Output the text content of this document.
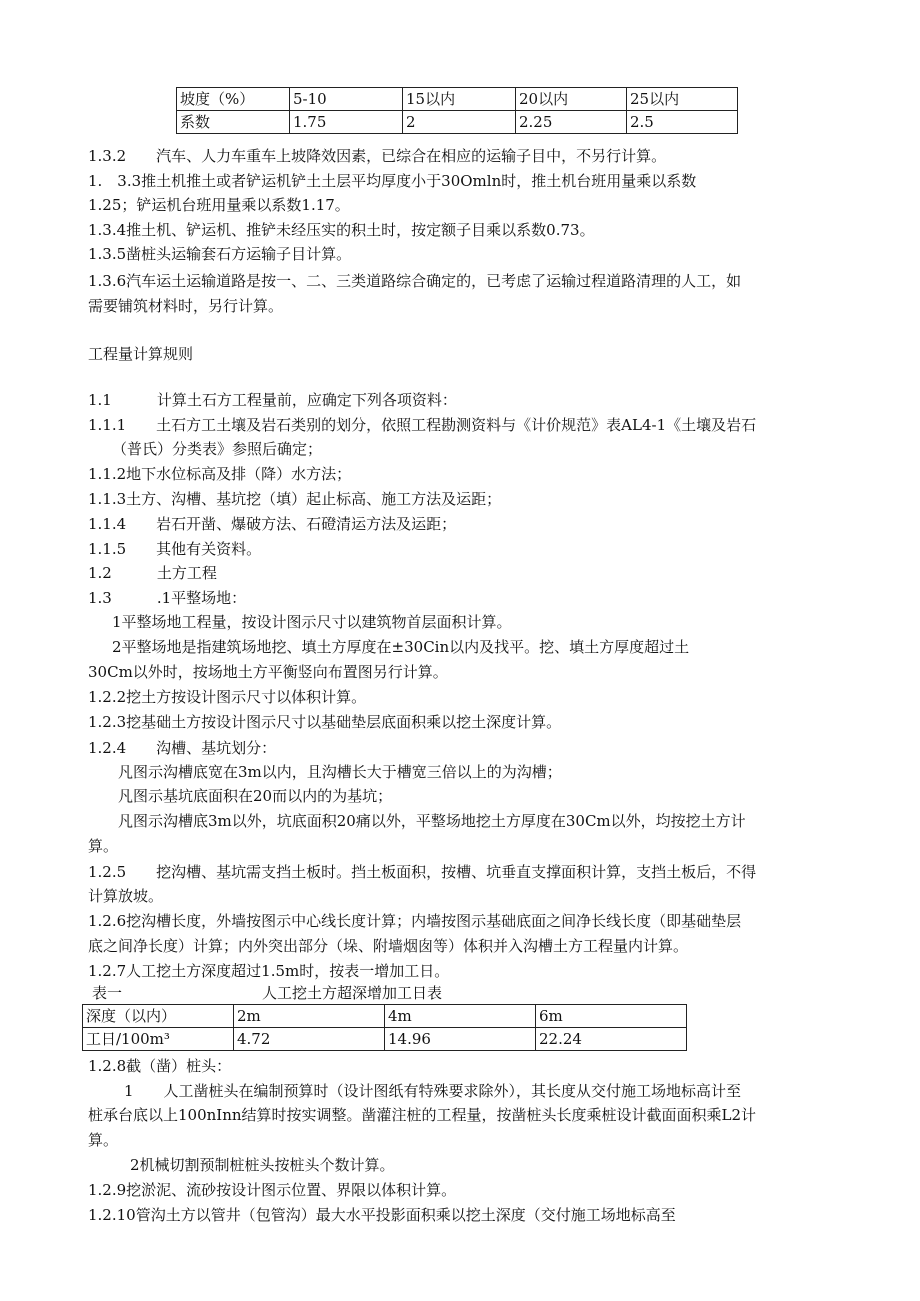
坡度（%）	5-10	15以内	20以内	25以内
系数	1.75	2	2.25	2.5
1.3.2　　汽车、人力车重车上坡降效因素，已综合在相应的运输子目中，不另行计算。
1.　3.3推土机推土或者铲运机铲土土层平均厚度小于30Omln时，推土机台班用量乘以系数
1.25；铲运机台班用量乘以系数1.17。
1.3.4推土机、铲运机、推铲未经压实的积土时，按定额子目乘以系数0.73。
1.3.5凿桩头运输套石方运输子目计算。
1.3.6汽车运土运输道路是按一、二、三类道路综合确定的，已考虑了运输过程道路清理的人工，如
需要铺筑材料时，另行计算。
工程量计算规则
1.1　　　计算土石方工程量前，应确定下列各项资料：
1.1.1　　土石方工土壤及岩石类别的划分，依照工程勘测资料与《计价规范》表AL4-1《土壤及岩石
（普氏）分类表》参照后确定；
1.1.2地下水位标高及排（降）水方法；
1.1.3土方、沟槽、基坑挖（填）起止标高、施工方法及运距；
1.1.4　　岩石开凿、爆破方法、石磴清运方法及运距；
1.1.5　　其他有关资料。
1.2　　　土方工程
1.3　　　.1平整场地：
1平整场地工程量，按设计图示尺寸以建筑物首层面积计算。
2平整场地是指建筑场地挖、填土方厚度在±30Cin以内及找平。挖、填土方厚度超过土
30Cm以外时，按场地土方平衡竖向布置图另行计算。
1.2.2挖土方按设计图示尺寸以体积计算。
1.2.3挖基础土方按设计图示尺寸以基础垫层底面积乘以挖土深度计算。
1.2.4　　沟槽、基坑划分：
凡图示沟槽底宽在3m以内，且沟槽长大于槽宽三倍以上的为沟槽；
凡图示基坑底面积在20而以内的为基坑；
凡图示沟槽底3m以外，坑底面积20痛以外，平整场地挖土方厚度在30Cm以外，均按挖土方计
算。
1.2.5　　挖沟槽、基坑需支挡土板时。挡土板面积，按槽、坑垂直支撑面积计算，支挡土板后，不得
计算放坡。
1.2.6挖沟槽长度，外墙按图示中心线长度计算；内墙按图示基础底面之间净长线长度（即基础垫层
底之间净长度）计算；内外突出部分（垛、附墙烟囱等）体积并入沟槽土方工程量内计算。
1.2.7人工挖土方深度超过1.5m时，按表一增加工日。
表一	人工挖土方超深增加工日表
深度（以内）	2m	4m	6m
工日/100m³	4.72	14.96	22.24
1.2.8截（凿）桩头：
1　　人工凿桩头在编制预算时（设计图纸有特殊要求除外），其长度从交付施工场地标高计至
桩承台底以上100nInn结算时按实调整。凿灌注桩的工程量，按凿桩头长度乘桩设计截面面积乘L2计
算。
2机械切割预制桩桩头按桩头个数计算。
1.2.9挖淤泥、流砂按设计图示位置、界限以体积计算。
1.2.10管沟土方以管井（包管沟）最大水平投影面积乘以挖土深度（交付施工场地标高至
